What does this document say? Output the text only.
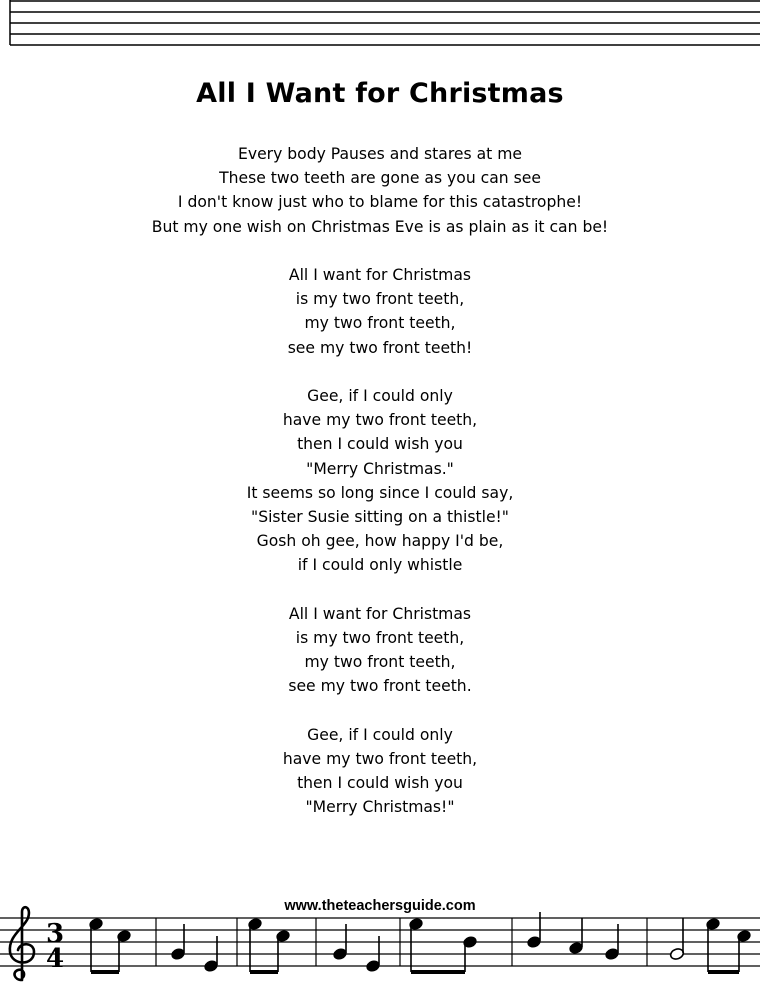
All I Want for Christmas
Every body Pauses and stares at me
These two teeth are gone as you can see
I don't know just who to blame for this catastrophe!
But my one wish on Christmas Eve is as plain as it can be!
All I want for Christmas
is my two front teeth,
my two front teeth,
see my two front teeth!
Gee, if I could only
have my two front teeth,
then I could wish you
"Merry Christmas."
It seems so long since I could say,
"Sister Susie sitting on a thistle!"
Gosh oh gee, how happy I'd be,
if I could only whistle
All I want for Christmas
is my two front teeth,
my two front teeth,
see my two front teeth.
Gee, if I could only
have my two front teeth,
then I could wish you
"Merry Christmas!"
www.theteachersguide.com
3
4
